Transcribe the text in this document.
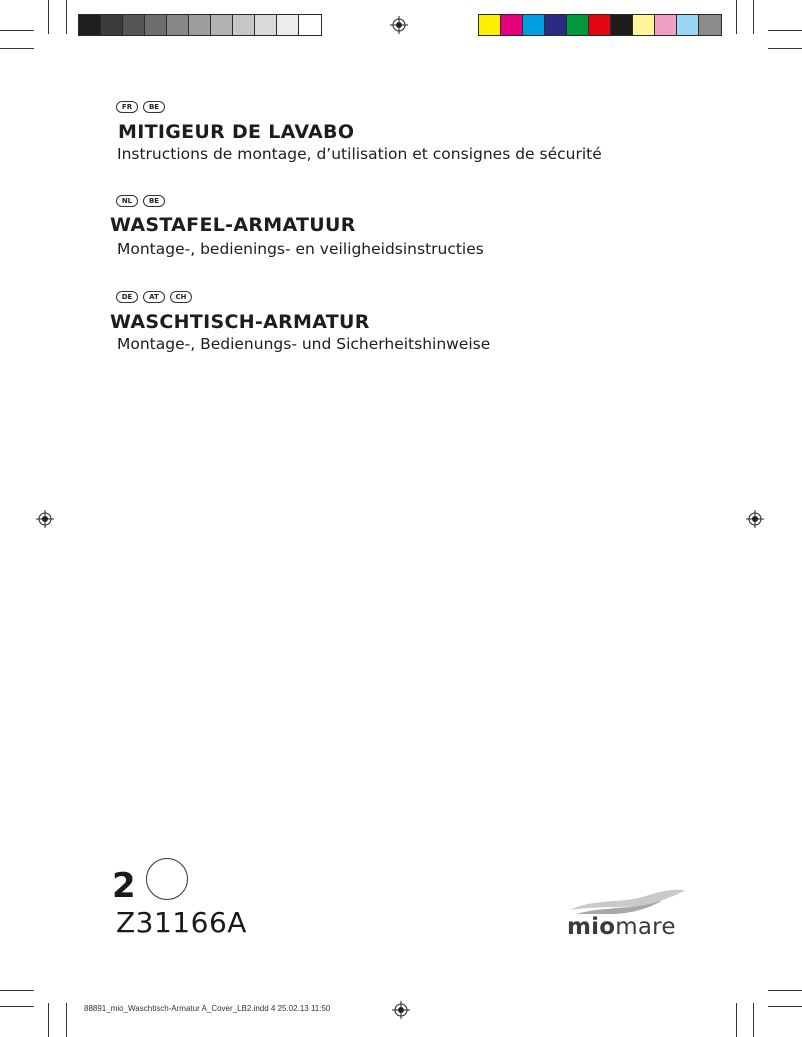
FR	BE
MITIGEUR DE LAVABO
Instructions de montage, d’utilisation et consignes de sécurité
NL	BE
WASTAFEL-ARMATUUR
Montage-, bedienings- en veiligheidsinstructies
DE	AT	CH
WASCHTISCH-ARMATUR
Montage-, Bedienungs- und Sicherheitshinweise
2
Z31166A	miomare
88891_mio_Waschtisch-Armatur A_Cover_LB2.indd 4 25.02.13 11:50
